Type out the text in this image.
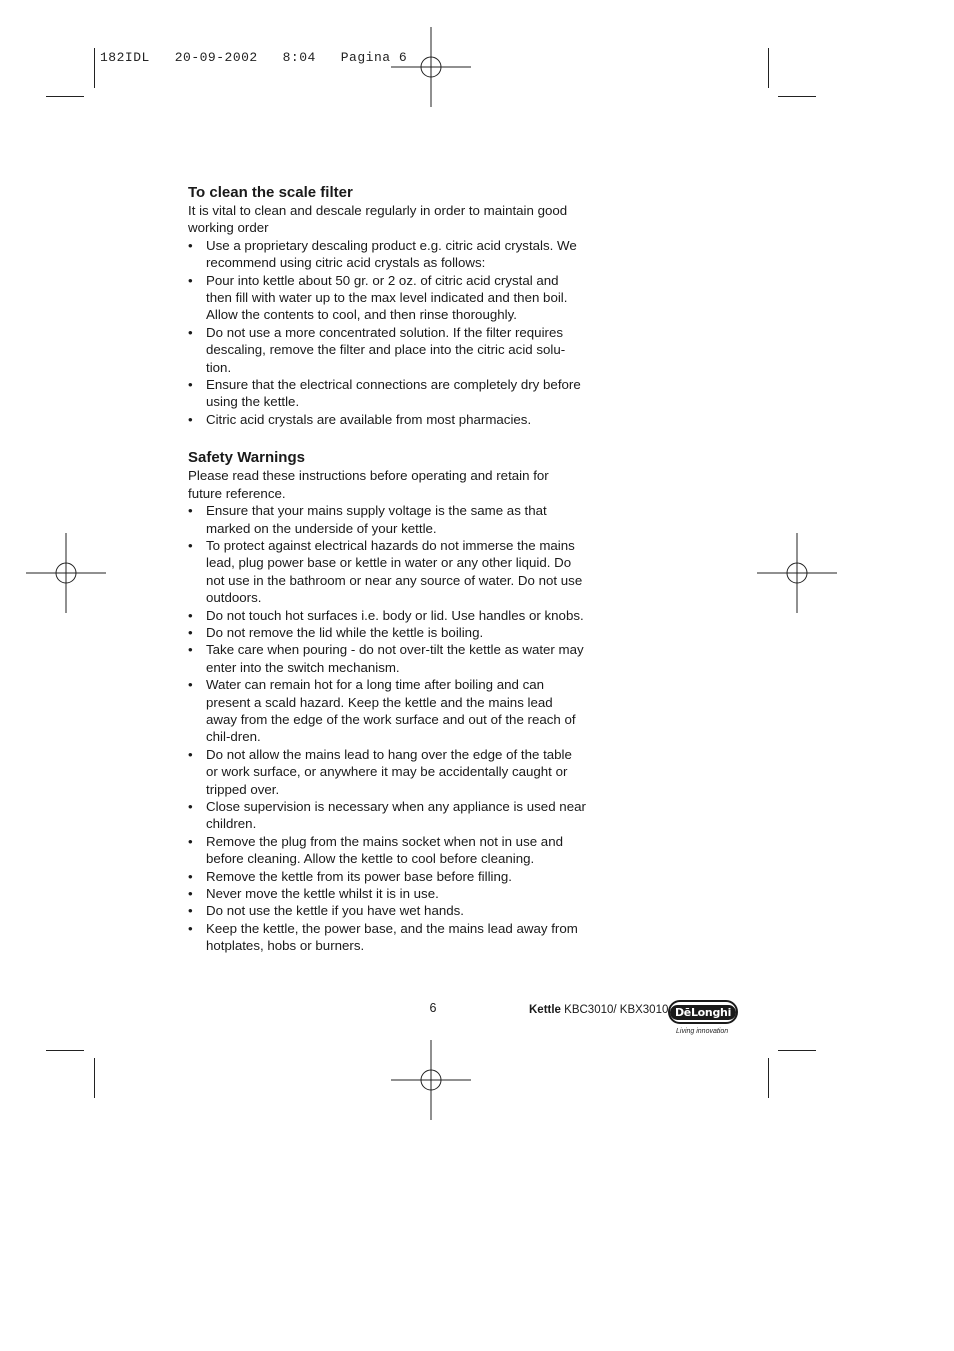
182IDL   20-09-2002   8:04   Pagina 6
To clean the scale filter

It is vital to clean and descale regularly in order to maintain good working order

• Use a proprietary descaling product e.g. citric acid crystals. We recommend using citric acid crystals as follows:
• Pour into kettle about 50 gr. or 2 oz. of citric acid crystal and then fill with water up to the max level indicated and then boil. Allow the contents to cool, and then rinse thoroughly.
• Do not use a more concentrated solution. If the filter requires descaling, remove the filter and place into the citric acid solu-tion.
• Ensure that the electrical connections are completely dry before using the kettle.
• Citric acid crystals are available from most pharmacies.
Safety Warnings

Please read these instructions before operating and retain for future reference.

• Ensure that your mains supply voltage is the same as that marked on the underside of your kettle.
• To protect against electrical hazards do not immerse the mains lead, plug power base or kettle in water or any other liquid. Do not use in the bathroom or near any source of water. Do not use outdoors.
• Do not touch hot surfaces i.e. body or lid. Use handles or knobs.
• Do not remove the lid while the kettle is boiling.
• Take care when pouring - do not over-tilt the kettle as water may enter into the switch mechanism.
• Water can remain hot for a long time after boiling and can present a scald hazard. Keep the kettle and the mains lead away from the edge of the work surface and out of the reach of chil-dren.
• Do not allow the mains lead to hang over the edge of the table or work surface, or anywhere it may be accidentally caught or tripped over.
• Close supervision is necessary when any appliance is used near children.
• Remove the plug from the mains socket when not in use and before cleaning. Allow the kettle to cool before cleaning.
• Remove the kettle from its power base before filling.
• Never move the kettle whilst it is in use.
• Do not use the kettle if you have wet hands.
• Keep the kettle, the power base, and the mains lead away from hotplates, hobs or burners.
6	Kettle KBC3010/ KBX3010 DēLonghi
Living innovation
